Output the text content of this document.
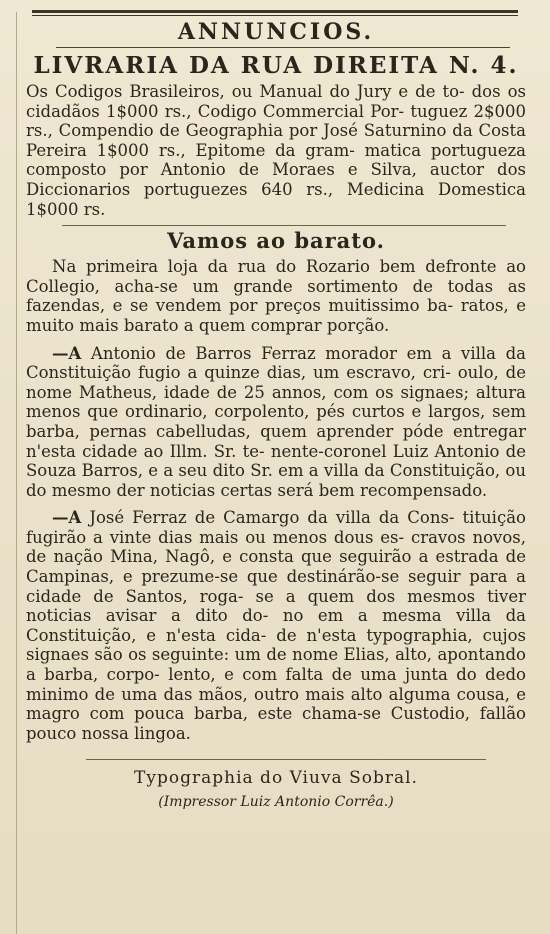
ANNUNCIOS.
LIVRARIA DA RUA DIREITA N. 4.

Os Codigos Brasileiros, ou Manual do Jury e de to- dos os cidadãos 1$000 rs., Codigo Commercial Por- tuguez 2$000 rs., Compendio de Geographia por José Saturnino da Costa Pereira 1$000 rs., Epitome da gram- matica portugueza composto por Antonio de Moraes e Silva, auctor dos Diccionarios portuguezes 640 rs., Medicina Domestica 1$000 rs.

Vamos ao barato.

Na primeira loja da rua do Rozario bem defronte ao Collegio, acha-se um grande sortimento de todas as fazendas, e se vendem por preços muitissimo ba- ratos, e muito mais barato a quem comprar porção.

—A Antonio de Barros Ferraz morador em a villa da Constituição fugio a quinze dias, um escravo, cri- oulo, de nome Matheus, idade de 25 annos, com os signaes; altura menos que ordinario, corpolento, pés curtos e largos, sem barba, pernas cabelludas, quem aprender póde entregar n'esta cidade ao Illm. Sr. te- nente-coronel Luiz Antonio de Souza Barros, e a seu dito Sr. em a villa da Constituição, ou do mesmo der noticias certas será bem recompensado.

—A José Ferraz de Camargo da villa da Cons- tituição fugirão a vinte dias mais ou menos dous es- cravos novos, de nação Mina, Nagô, e consta que seguirão a estrada de Campinas, e prezume-se que destinárão-se seguir para a cidade de Santos, roga- se a quem dos mesmos tiver noticias avisar a dito do- no em a mesma villa da Constituição, e n'esta cida- de n'esta typographia, cujos signaes são os seguinte: um de nome Elias, alto, apontando a barba, corpo- lento, e com falta de uma junta do dedo minimo de uma das mãos, outro mais alto alguma cousa, e magro com pouca barba, este chama-se Custodio, fallão pouco nossa lingoa.

Typographia do Viuva Sobral.
(Impressor Luiz Antonio Corrêa.)
